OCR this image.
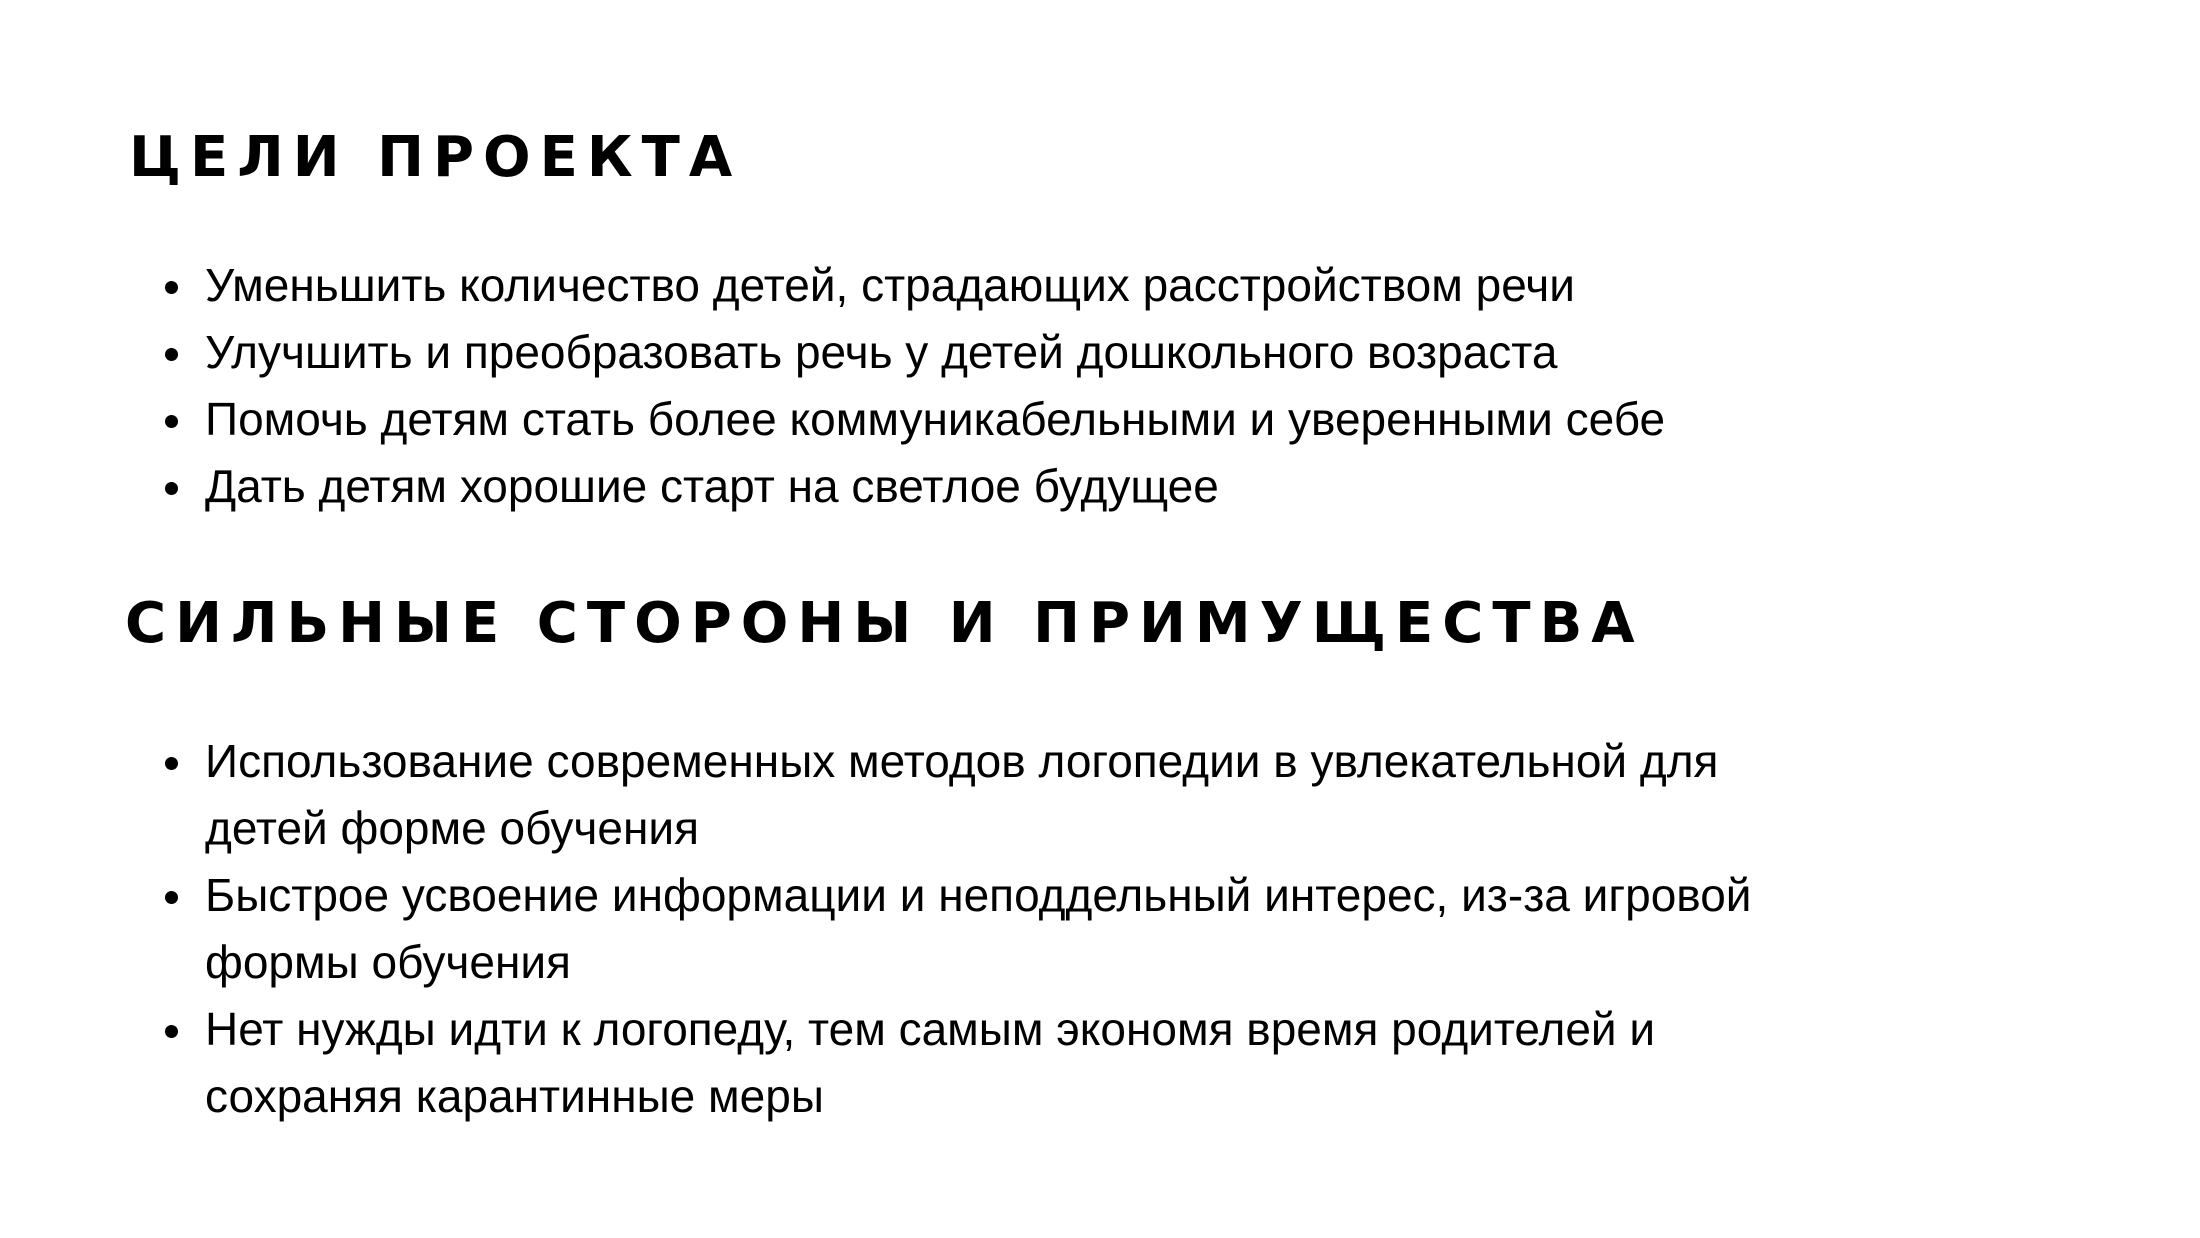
ЦЕЛИ ПРОЕКТА
Уменьшить количество детей, страдающих расстройством речи
Улучшить и преобразовать речь у детей дошкольного возраста
Помочь детям стать более коммуникабельными и уверенными себе
Дать детям хорошие старт на светлое будущее
СИЛЬНЫЕ СТОРОНЫ И ПРИМУЩЕСТВА
Использование современных методов логопедии в увлекательной для
детей форме обучения
Быстрое усвоение информации и неподдельный интерес, из-за игровой
формы обучения
Нет нужды идти к логопеду, тем самым экономя время родителей и
сохраняя карантинные меры
